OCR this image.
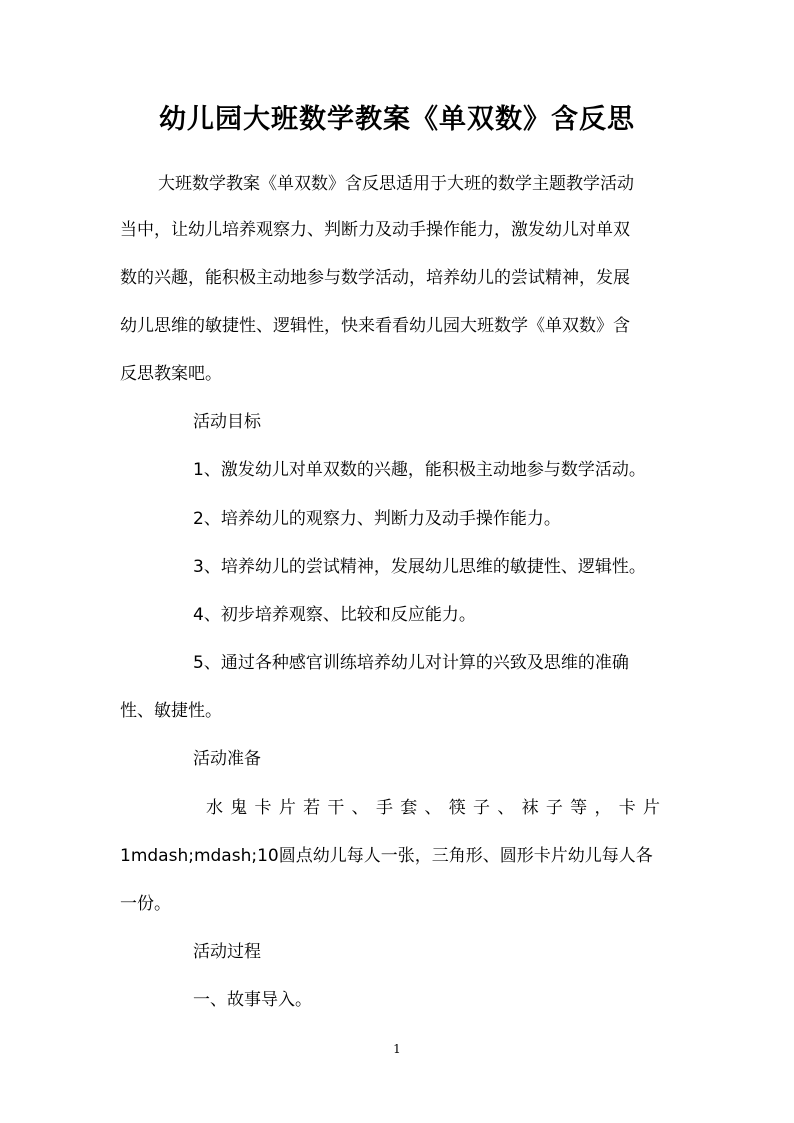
幼儿园大班数学教案《单双数》含反思
大班数学教案《单双数》含反思适用于大班的数学主题教学活动
当中，让幼儿培养观察力、判断力及动手操作能力，激发幼儿对单双
数的兴趣，能积极主动地参与数学活动，培养幼儿的尝试精神，发展
幼儿思维的敏捷性、逻辑性，快来看看幼儿园大班数学《单双数》含
反思教案吧。
活动目标
1、激发幼儿对单双数的兴趣，能积极主动地参与数学活动。
2、培养幼儿的观察力、判断力及动手操作能力。
3、培养幼儿的尝试精神，发展幼儿思维的敏捷性、逻辑性。
4、初步培养观察、比较和反应能力。
5、通过各种感官训练培养幼儿对计算的兴致及思维的准确
性、敏捷性。
活动准备
水鬼卡片若干、手套、筷子、袜子等，卡片
1mdash;mdash;10圆点幼儿每人一张，三角形、圆形卡片幼儿每人各
一份。
活动过程
一、故事导入。
1
